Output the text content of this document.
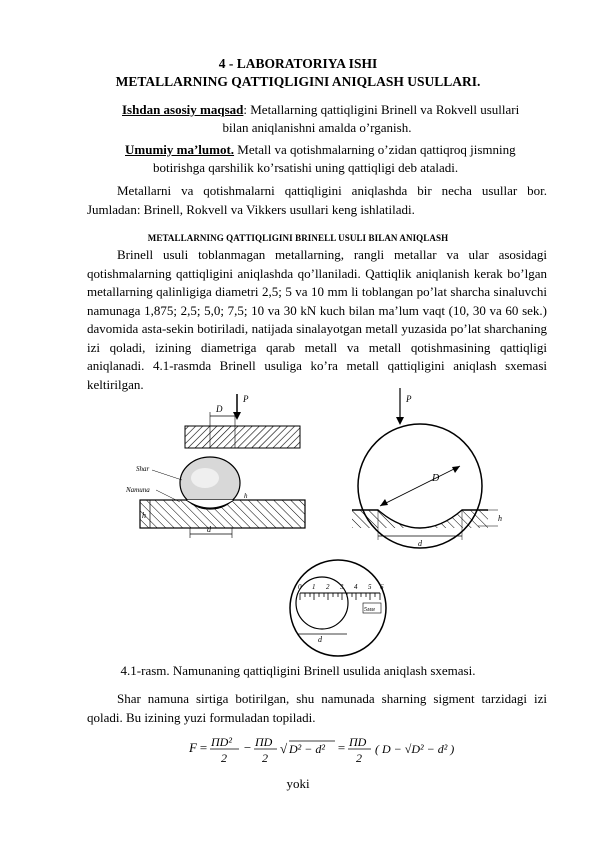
4 - LABORATORIYA ISHI
METALLARNING QATTIQLIGINI ANIQLASH USULLARI.
Ishdan asosiy maqsad: Metallarning qattiqligini Brinell va Rokvell usullari
bilan aniqlanishni amalda o’rganish.
Umumiy ma’lumot. Metall va qotishmalarning o’zidan qattiqroq jismning
botirishga qarshilik ko’rsatishi uning qattiqligi deb ataladi.
Metallarni va qotishmalarni qattiqligini aniqlashda bir necha usullar bor. Jumladan: Brinell, Rokvell va Vikkers usullari keng ishlatiladi.
METALLARNING QATTIQLIGINI BRINELL USULI BILAN ANIQLASH
Brinell usuli toblanmagan metallarning, rangli metallar va ular asosidagi qotishmalarning qattiqligini aniqlashda qo’llaniladi. Qattiqlik aniqlanish kerak bo’lgan metallarning qalinligiga diametri 2,5; 5 va 10 mm li toblangan po’lat sharcha sinaluvchi namunaga 1,875; 2,5; 5,0; 7,5; 10 va 30 kN kuch bilan ma’lum vaqt (10, 30 va 60 sek.) davomida asta-sekin botiriladi, natijada sinalayotgan metall yuzasida po’lat sharchaning izi qoladi, izining diametriga qarab metall va metall qotishmasining qattiqligi aniqlanadi. 4.1-rasmda Brinell usuliga ko’ra metall qattiqligini aniqlash sxemasi keltirilgan.
P
D
Shar
Namuna
h
h
d
P
D
h
d
0 1 2 3 4 5 6
5мм
d
4.1-rasm. Namunaning qattiqligini Brinell usulida aniqlash sxemasi.
Shar namuna sirtiga botirilgan, shu namunada sharning sigment tarzidagi izi qoladi. Bu izining yuzi formuladan topiladi.
F = ПD²
2
− ПD
2
√ D² − d² = ПD
2
( D − √D² − d² )
yoki
